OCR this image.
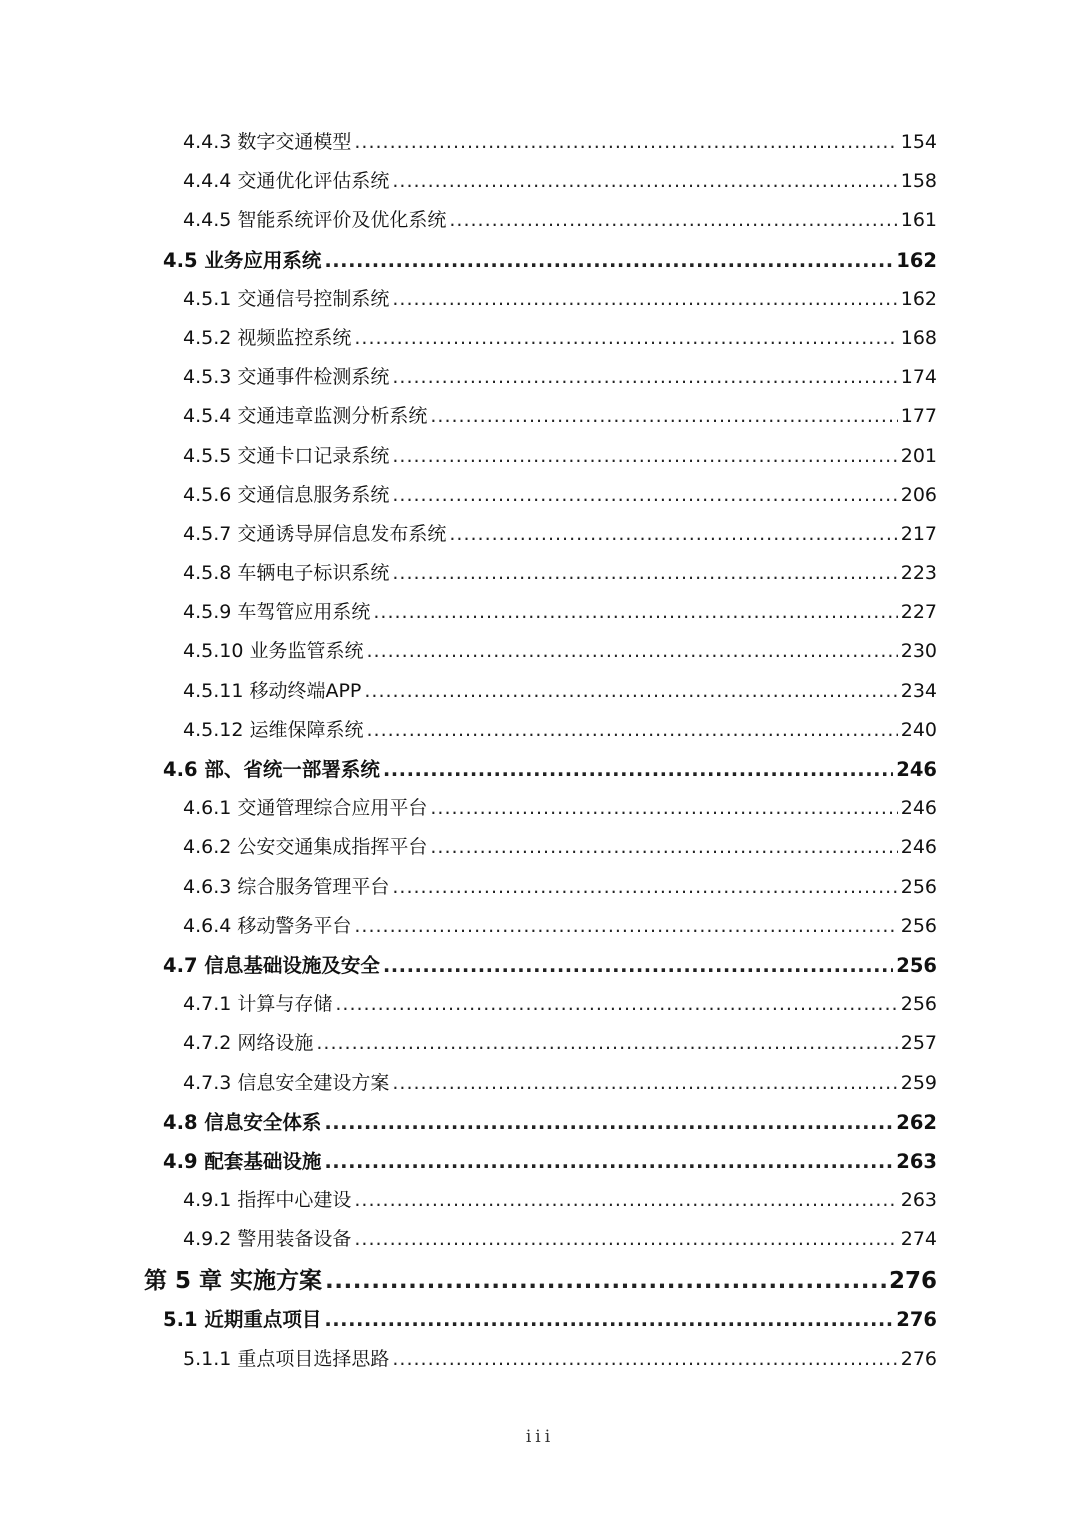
4.4.3 数字交通模型 .....	154
4.4.4 交通优化评估系统 .....	158
4.4.5 智能系统评价及优化系统 .....	161
4.5 业务应用系统 .....	162
4.5.1 交通信号控制系统 .....	162
4.5.2 视频监控系统 .....	168
4.5.3 交通事件检测系统 .....	174
4.5.4 交通违章监测分析系统 .....	177
4.5.5 交通卡口记录系统 .....	201
4.5.6 交通信息服务系统 .....	206
4.5.7 交通诱导屏信息发布系统 .....	217
4.5.8 车辆电子标识系统 .....	223
4.5.9 车驾管应用系统 .....	227
4.5.10 业务监管系统 .....	230
4.5.11 移动终端APP .....	234
4.5.12 运维保障系统 .....	240
4.6 部、省统一部署系统 .....	246
4.6.1 交通管理综合应用平台 .....	246
4.6.2 公安交通集成指挥平台 .....	246
4.6.3 综合服务管理平台 .....	256
4.6.4 移动警务平台 .....	256
4.7 信息基础设施及安全 .....	256
4.7.1 计算与存储 .....	256
4.7.2 网络设施 .....	257
4.7.3 信息安全建设方案 .....	259
4.8 信息安全体系 .....	262
4.9 配套基础设施 .....	263
4.9.1 指挥中心建设 .....	263
4.9.2 警用装备设备 .....	274
第 5 章 实施方案 .....	276
5.1 近期重点项目 .....	276
5.1.1 重点项目选择思路 .....	276
iii
